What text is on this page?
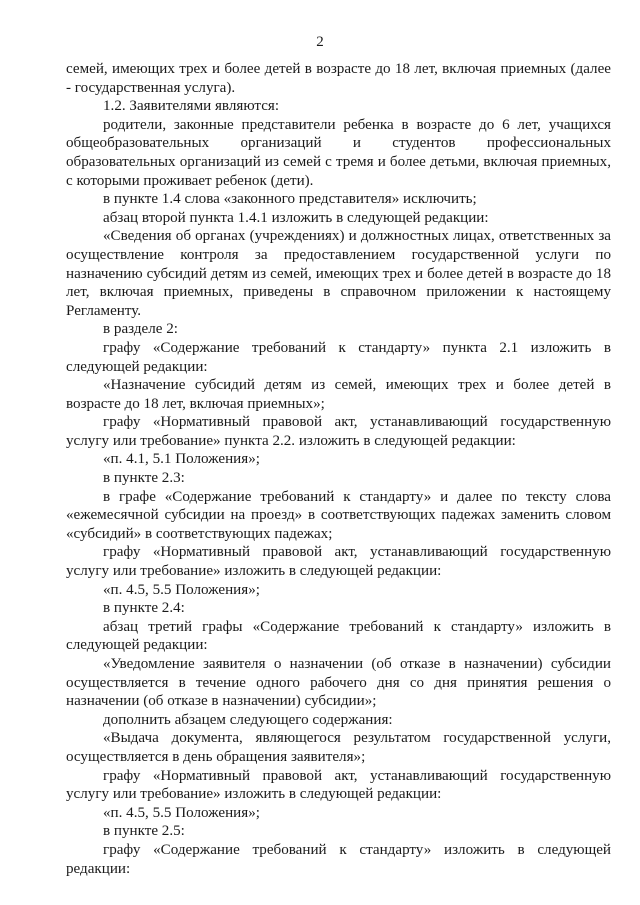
2

семей, имеющих трех и более детей в возрасте до 18 лет, включая приемных (далее - государственная услуга).

1.2. Заявителями являются:

родители, законные представители ребенка в возрасте до 6 лет, учащихся общеобразовательных организаций и студентов профессиональных образовательных организаций из семей с тремя и более детьми, включая приемных, с которыми проживает ребенок (дети).

в пункте 1.4 слова «законного представителя» исключить;

абзац второй пункта 1.4.1 изложить в следующей редакции:

«Сведения об органах (учреждениях) и должностных лицах, ответственных за осуществление контроля за предоставлением государственной услуги по назначению субсидий детям из семей, имеющих трех и более детей в возрасте до 18 лет, включая приемных, приведены в справочном приложении к настоящему Регламенту.

в разделе 2:

графу «Содержание требований к стандарту» пункта 2.1 изложить в следующей редакции:

«Назначение субсидий детям из семей, имеющих трех и более детей в возрасте до 18 лет, включая приемных»;

графу «Нормативный правовой акт, устанавливающий государственную услугу или требование» пункта 2.2. изложить в следующей редакции:

«п. 4.1, 5.1 Положения»;

в пункте 2.3:

в графе «Содержание требований к стандарту» и далее по тексту слова «ежемесячной субсидии на проезд» в соответствующих падежах заменить словом «субсидий» в соответствующих падежах;

графу «Нормативный правовой акт, устанавливающий государственную услугу или требование» изложить в следующей редакции:

«п. 4.5, 5.5 Положения»;

в пункте 2.4:

абзац третий графы «Содержание требований к стандарту» изложить в следующей редакции:

«Уведомление заявителя о назначении (об отказе в назначении) субсидии осуществляется в течение одного рабочего дня со дня принятия решения о назначении (об отказе в назначении) субсидии»;

дополнить абзацем следующего содержания:

«Выдача документа, являющегося результатом государственной услуги, осуществляется в день обращения заявителя»;

графу «Нормативный правовой акт, устанавливающий государственную услугу или требование» изложить в следующей редакции:

«п. 4.5, 5.5 Положения»;

в пункте 2.5:

графу «Содержание требований к стандарту» изложить в следующей редакции:
